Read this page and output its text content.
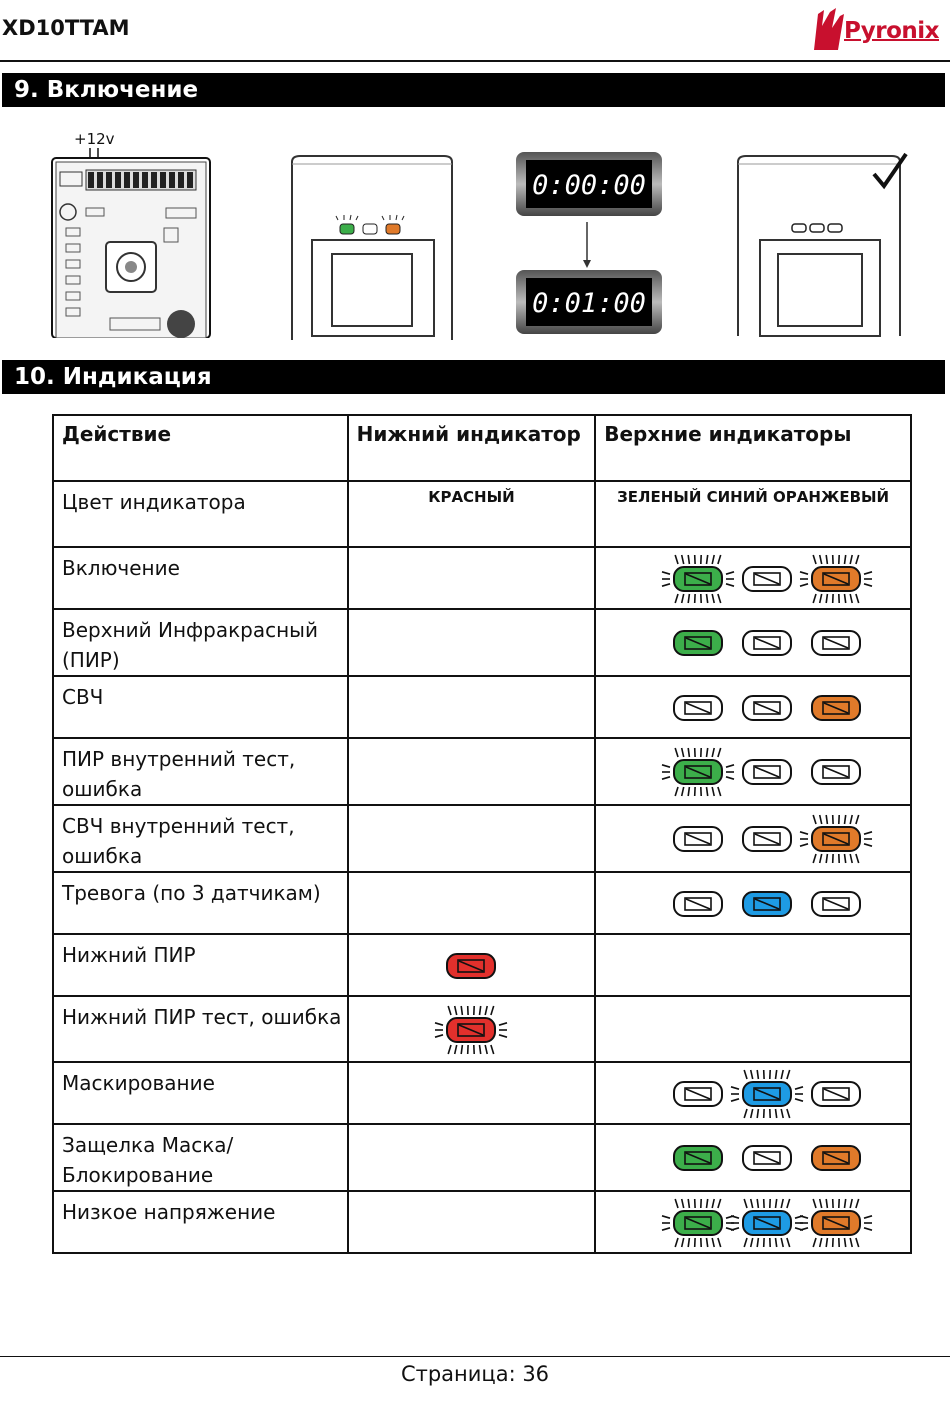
XD10TTAM	Pyronix
9. Включение
+12v
0:00:00
0:01:00
10. Индикация
Действие	Нижний индикатор	Верхние индикаторы
Цвет индикатора	КРАСНЫЙ	ЗЕЛЕНЫЙ СИНИЙ ОРАНЖЕВЫЙ
Включение		

Верхний Инфракрасный (ПИР)		

СВЧ		

ПИР внутренний тест, ошибка		

СВЧ внутренний тест, ошибка		

Тревога (по 3 датчикам)		

Нижний ПИР	

Нижний ПИР тест, ошибка	

Маскирование		

Защелка Маска/ Блокирование		

Низкое напряжение		
Страница: 36
